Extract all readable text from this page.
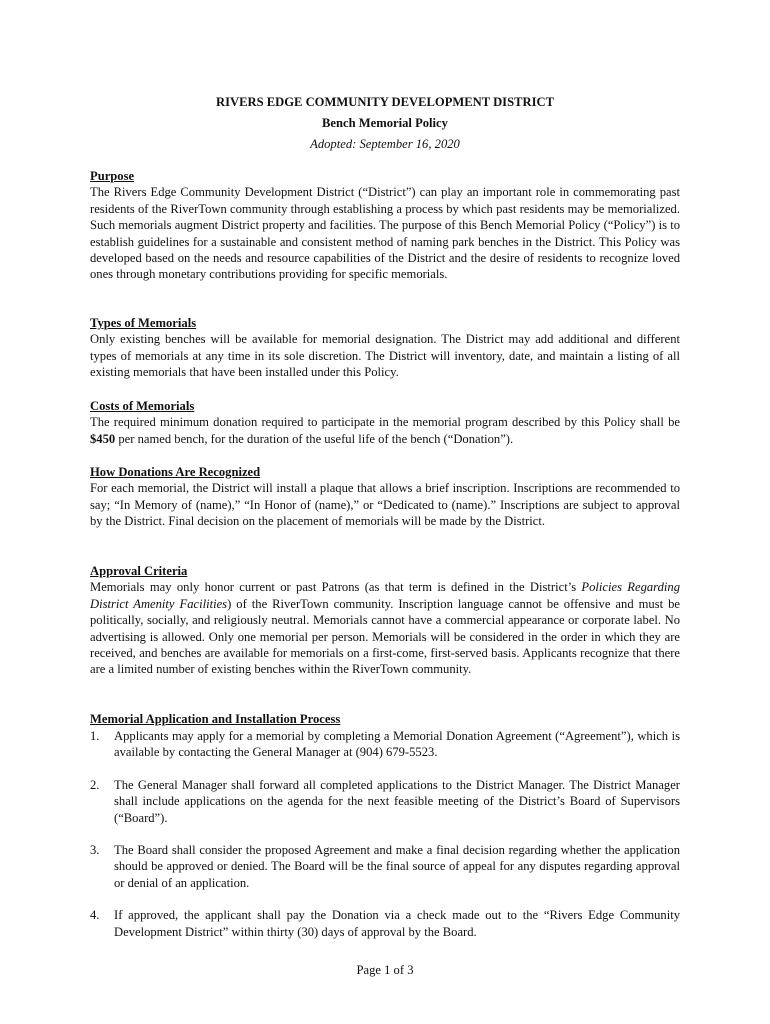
RIVERS EDGE COMMUNITY DEVELOPMENT DISTRICT
Bench Memorial Policy
Adopted: September 16, 2020
Purpose
The Rivers Edge Community Development District (“District”) can play an important role in commemorating past residents of the RiverTown community through establishing a process by which past residents may be memorialized. Such memorials augment District property and facilities. The purpose of this Bench Memorial Policy (“Policy”) is to establish guidelines for a sustainable and consistent method of naming park benches in the District. This Policy was developed based on the needs and resource capabilities of the District and the desire of residents to recognize loved ones through monetary contributions providing for specific memorials.
Types of Memorials
Only existing benches will be available for memorial designation. The District may add additional and different types of memorials at any time in its sole discretion. The District will inventory, date, and maintain a listing of all existing memorials that have been installed under this Policy.
Costs of Memorials
The required minimum donation required to participate in the memorial program described by this Policy shall be $450 per named bench, for the duration of the useful life of the bench (“Donation”).
How Donations Are Recognized
For each memorial, the District will install a plaque that allows a brief inscription. Inscriptions are recommended to say; “In Memory of (name),” “In Honor of (name),” or “Dedicated to (name).” Inscriptions are subject to approval by the District. Final decision on the placement of memorials will be made by the District.
Approval Criteria
Memorials may only honor current or past Patrons (as that term is defined in the District’s Policies Regarding District Amenity Facilities) of the RiverTown community. Inscription language cannot be offensive and must be politically, socially, and religiously neutral. Memorials cannot have a commercial appearance or corporate label. No advertising is allowed. Only one memorial per person. Memorials will be considered in the order in which they are received, and benches are available for memorials on a first-come, first-served basis. Applicants recognize that there are a limited number of existing benches within the RiverTown community.
Memorial Application and Installation Process
1. Applicants may apply for a memorial by completing a Memorial Donation Agreement (“Agreement”), which is available by contacting the General Manager at (904) 679-5523.
2. The General Manager shall forward all completed applications to the District Manager. The District Manager shall include applications on the agenda for the next feasible meeting of the District’s Board of Supervisors (“Board”).
3. The Board shall consider the proposed Agreement and make a final decision regarding whether the application should be approved or denied. The Board will be the final source of appeal for any disputes regarding approval or denial of an application.
4. If approved, the applicant shall pay the Donation via a check made out to the “Rivers Edge Community Development District” within thirty (30) days of approval by the Board.
Page 1 of 3
